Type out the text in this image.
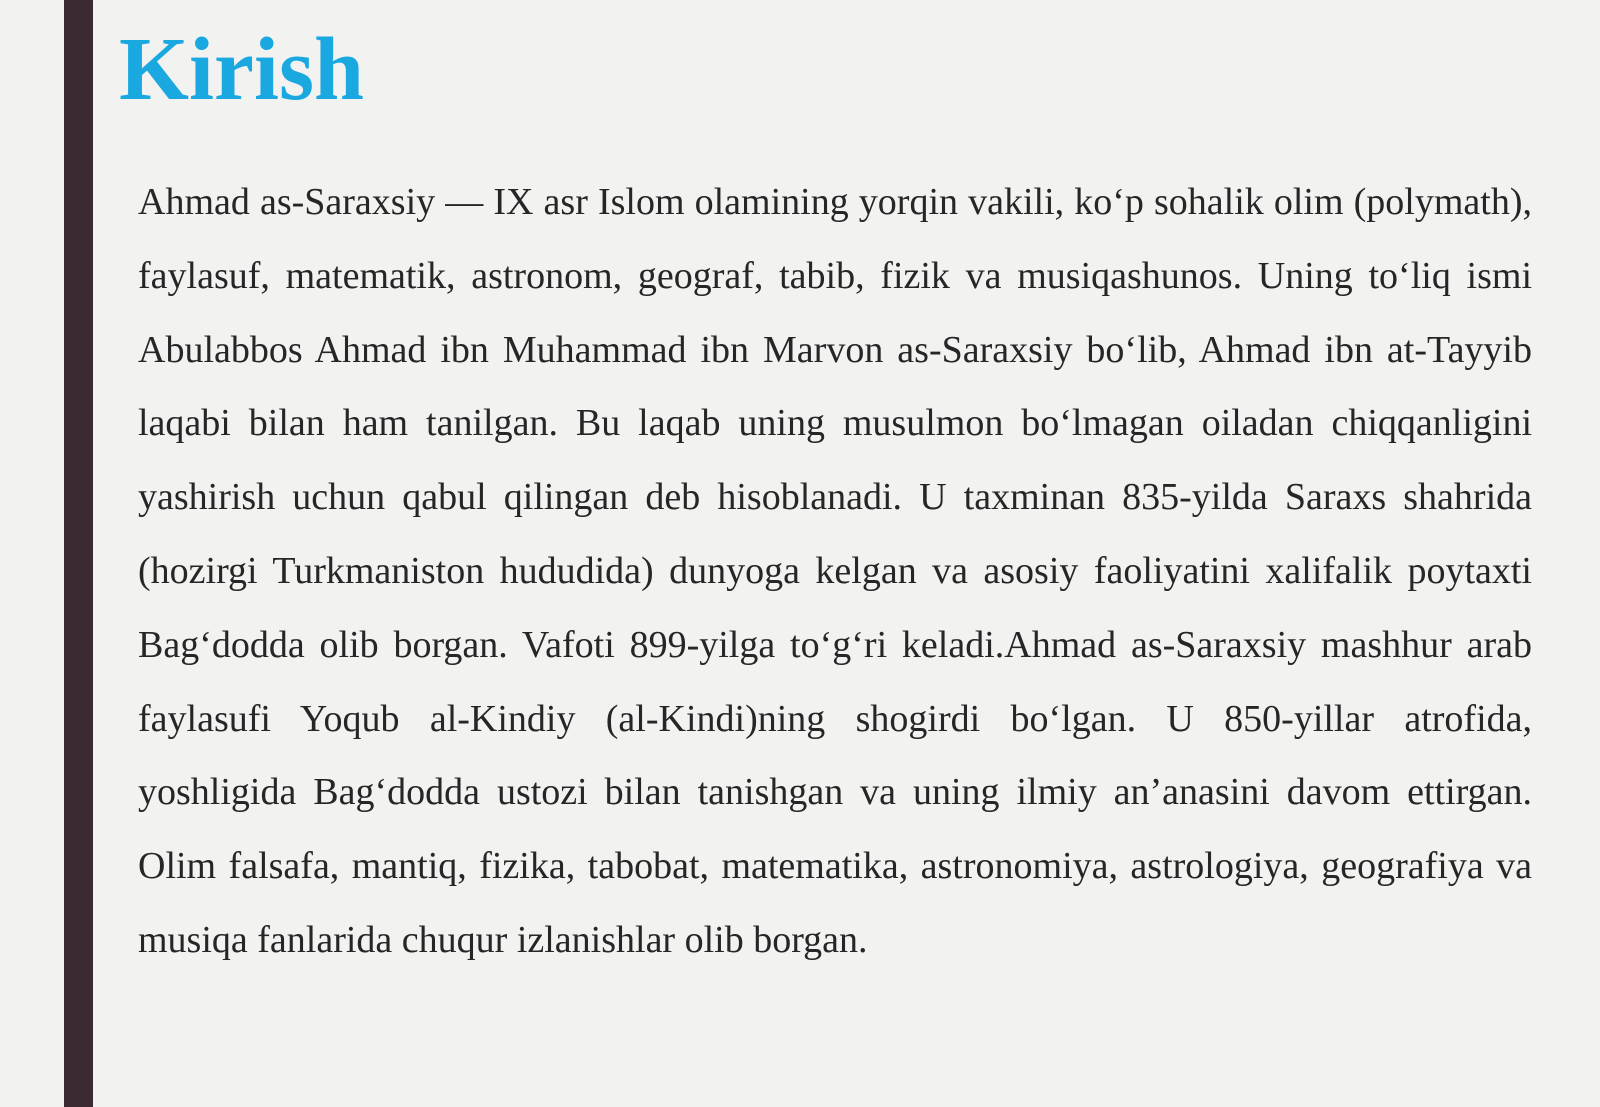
Kirish

Ahmad as-Saraxsiy — IX asr Islom olamining yorqin vakili, ko‘p sohalik olim (polymath), faylasuf, matematik, astronom, geograf, tabib, fizik va musiqashunos. Uning to‘liq ismi Abulabbos Ahmad ibn Muhammad ibn Marvon as-Saraxsiy bo‘lib, Ahmad ibn at-Tayyib laqabi bilan ham tanilgan. Bu laqab uning musulmon bo‘lmagan oiladan chiqqanligini yashirish uchun qabul qilingan deb hisoblanadi. U taxminan 835-yilda Saraxs shahrida (hozirgi Turkmaniston hududida) dunyoga kelgan va asosiy faoliyatini xalifalik poytaxti Bag‘dodda olib borgan. Vafoti 899-yilga to‘g‘ri keladi.Ahmad as-Saraxsiy mashhur arab faylasufi Yoqub al-Kindiy (al-Kindi)ning shogirdi bo‘lgan. U 850-yillar atrofida, yoshligida Bag‘dodda ustozi bilan tanishgan va uning ilmiy an’anasini davom ettirgan. Olim falsafa, mantiq, fizika, tabobat, matematika, astronomiya, astrologiya, geografiya va musiqa fanlarida chuqur izlanishlar olib borgan.
